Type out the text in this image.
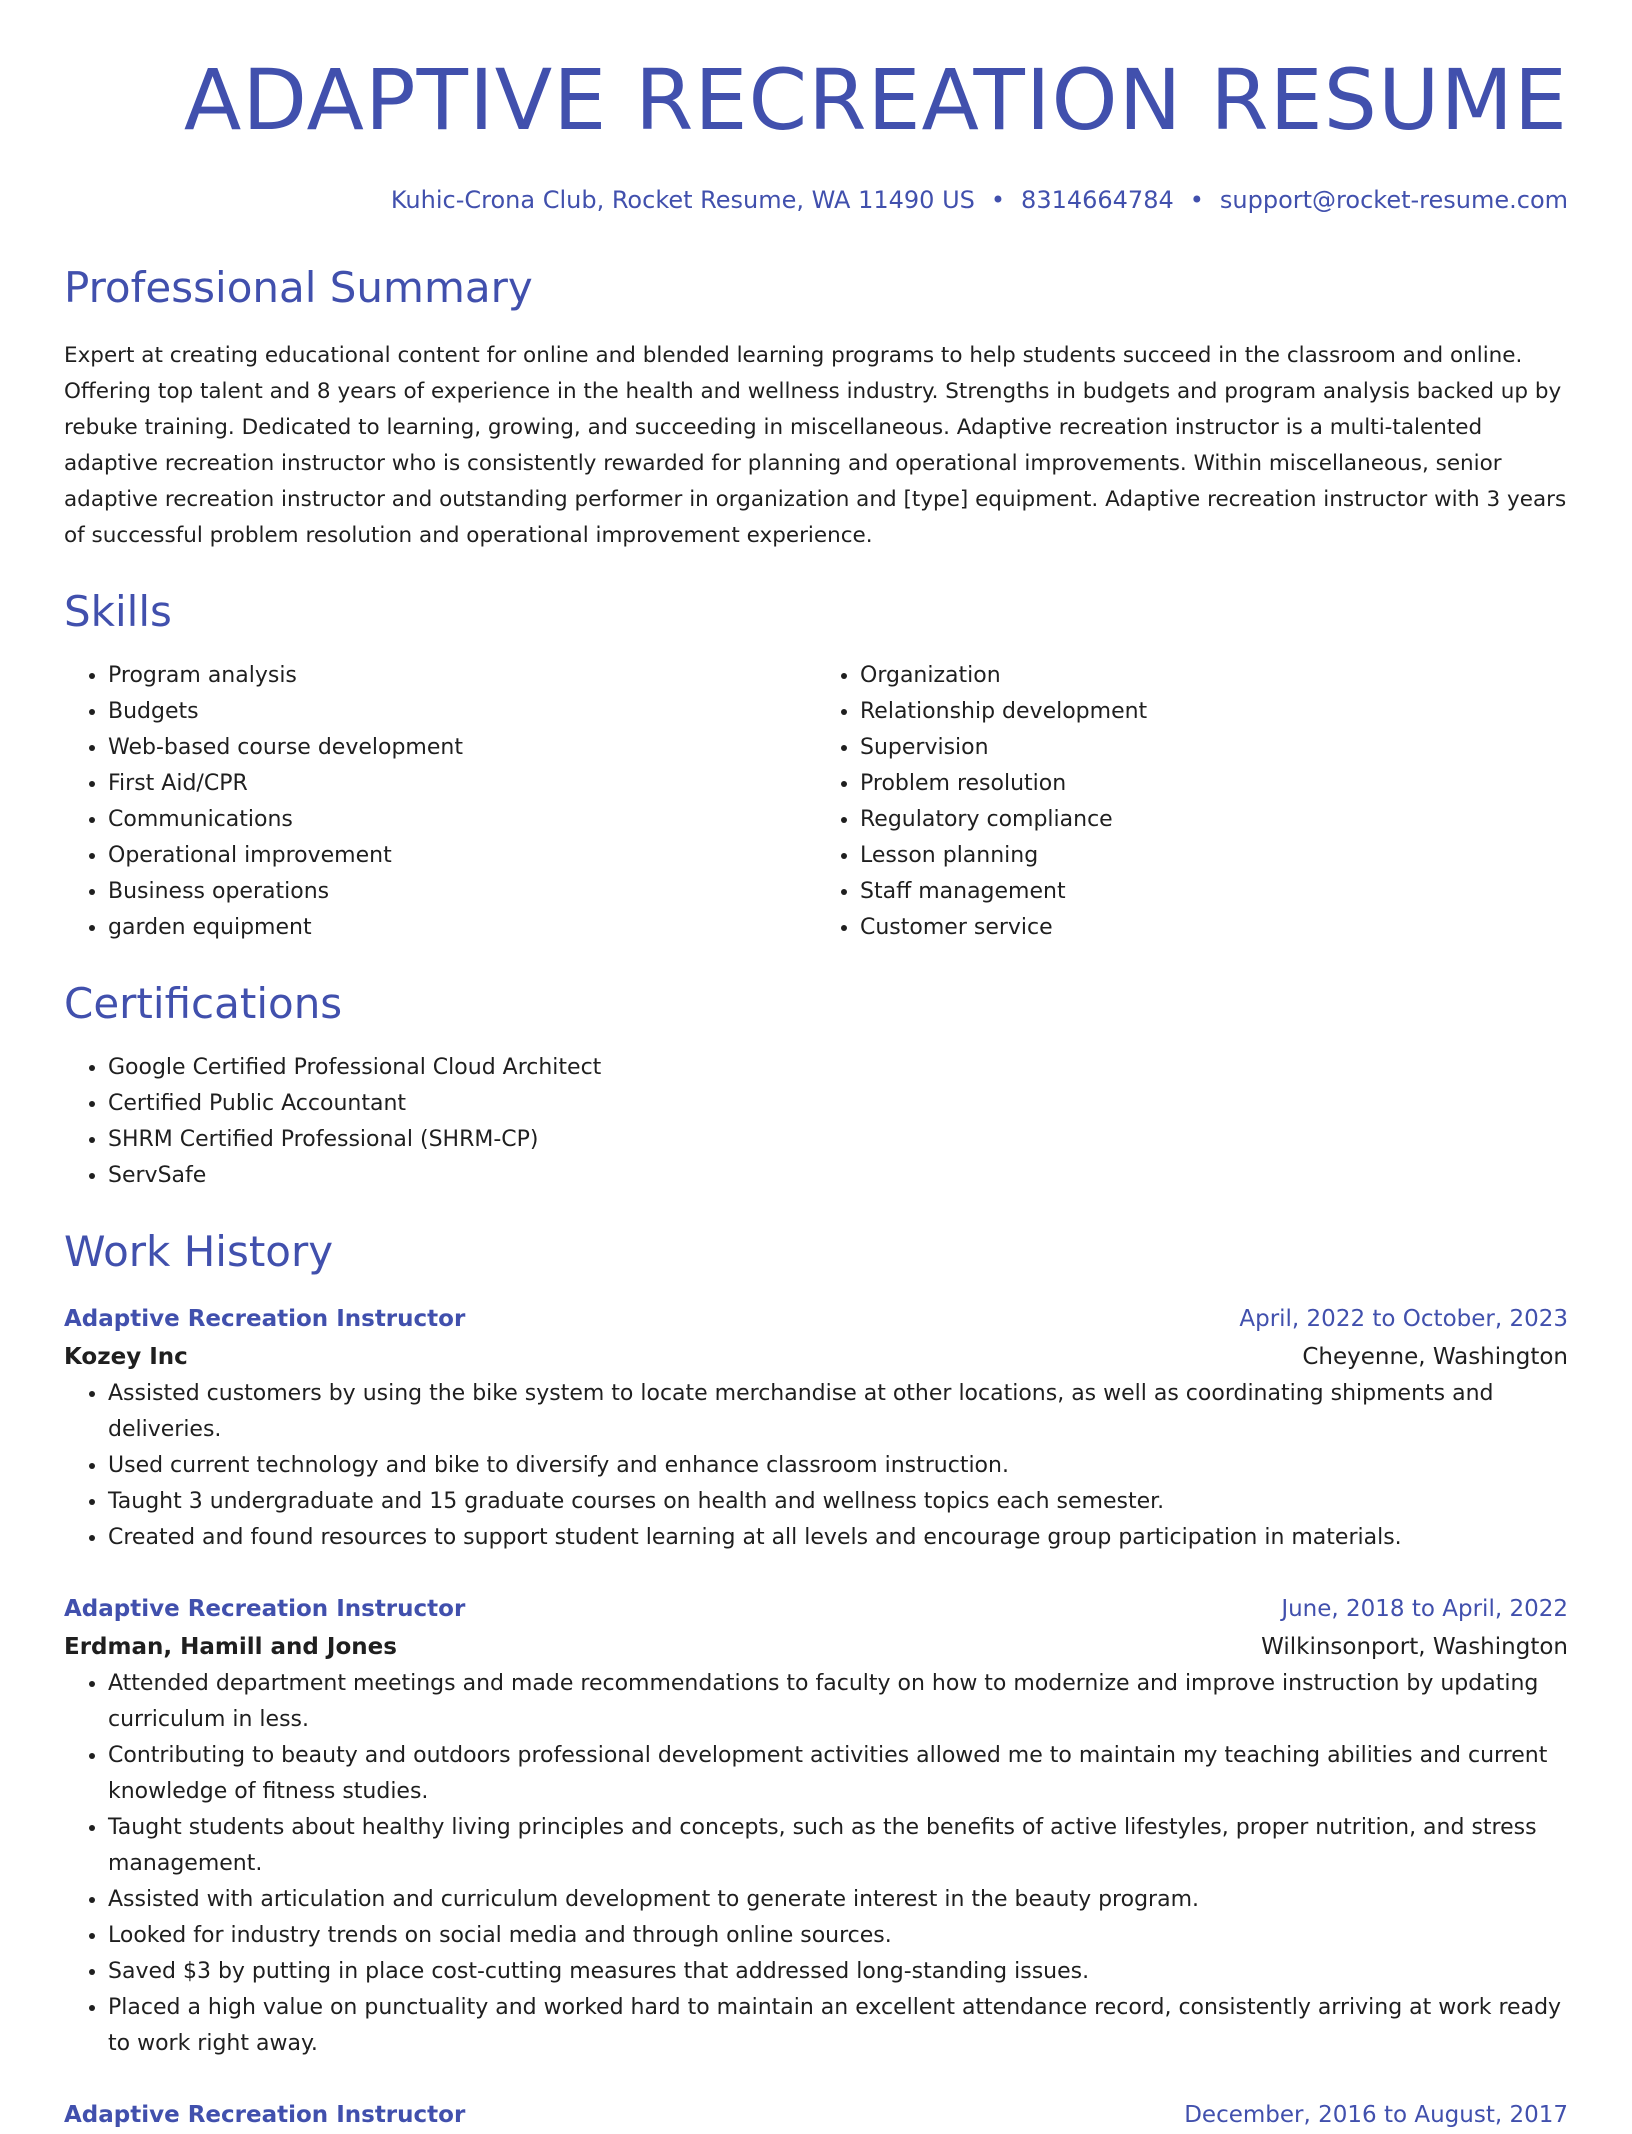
ADAPTIVE RECREATION RESUME
Kuhic-Crona Club, Rocket Resume, WA 11490 US • 8314664784 • support@rocket-resume.com
Professional Summary

Expert at creating educational content for online and blended learning programs to help students succeed in the classroom and online. Offering top talent and 8 years of experience in the health and wellness industry. Strengths in budgets and program analysis backed up by rebuke training. Dedicated to learning, growing, and succeeding in miscellaneous. Adaptive recreation instructor is a multi-talented adaptive recreation instructor who is consistently rewarded for planning and operational improvements. Within miscellaneous, senior adaptive recreation instructor and outstanding performer in organization and [type] equipment. Adaptive recreation instructor with 3 years of successful problem resolution and operational improvement experience.

Skills
• Program analysis
• Budgets
• Web-based course development
• First Aid/CPR
• Communications
• Operational improvement
• Business operations
• garden equipment
• Organization
• Relationship development
• Supervision
• Problem resolution
• Regulatory compliance
• Lesson planning
• Staff management
• Customer service
Certifications
• Google Certified Professional Cloud Architect
• Certified Public Accountant
• SHRM Certified Professional (SHRM-CP)
• ServSafe
Work History
Adaptive Recreation Instructor	April, 2022 to October, 2023
Kozey Inc	Cheyenne, Washington
• Assisted customers by using the bike system to locate merchandise at other locations, as well as coordinating shipments and deliveries.
• Used current technology and bike to diversify and enhance classroom instruction.
• Taught 3 undergraduate and 15 graduate courses on health and wellness topics each semester.
• Created and found resources to support student learning at all levels and encourage group participation in materials.
Adaptive Recreation Instructor	June, 2018 to April, 2022
Erdman, Hamill and Jones	Wilkinsonport, Washington
• Attended department meetings and made recommendations to faculty on how to modernize and improve instruction by updating curriculum in less.
• Contributing to beauty and outdoors professional development activities allowed me to maintain my teaching abilities and current knowledge of fitness studies.
• Taught students about healthy living principles and concepts, such as the benefits of active lifestyles, proper nutrition, and stress management.
• Assisted with articulation and curriculum development to generate interest in the beauty program.
• Looked for industry trends on social media and through online sources.
• Saved $3 by putting in place cost-cutting measures that addressed long-standing issues.
• Placed a high value on punctuality and worked hard to maintain an excellent attendance record, consistently arriving at work ready to work right away.
Adaptive Recreation Instructor	December, 2016 to August, 2017
